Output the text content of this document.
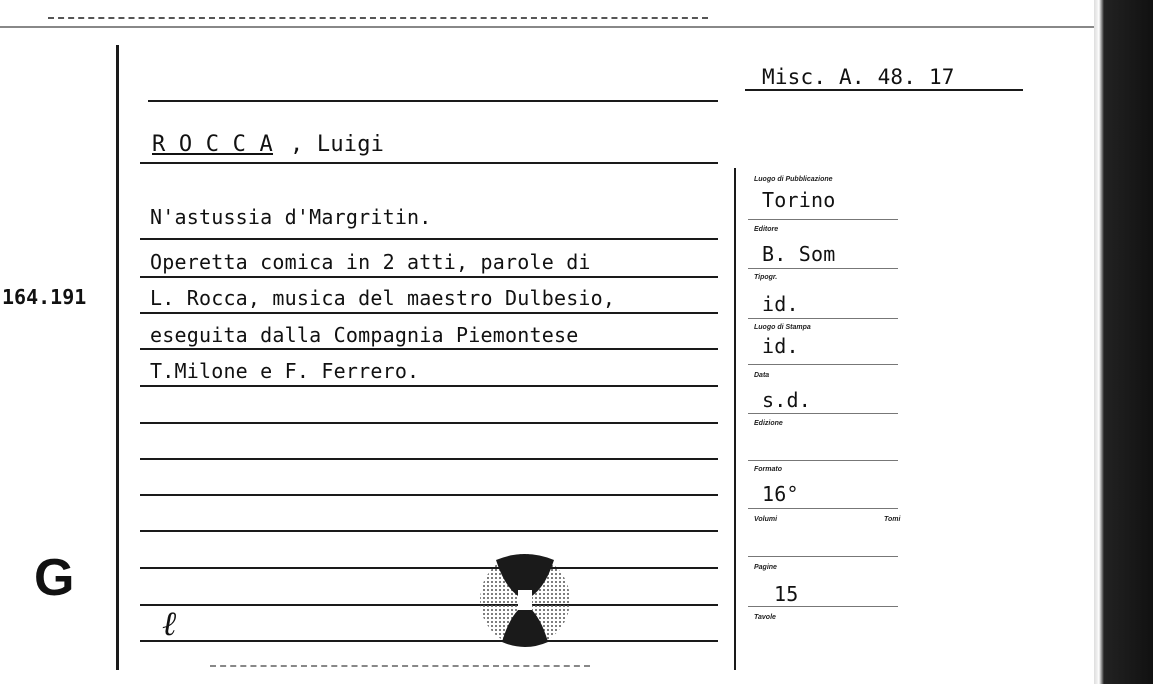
Misc. A. 48. 17
R O C C A , Luigi
N'astussia d'Margritin.
Operetta comica in 2 atti, parole di
L. Rocca, musica del maestro Dulbesio,
eseguita dalla Compagnia Piemontese
T.Milone e F. Ferrero.
164.191
G
ℓ
Luogo di Pubblicazione
Torino
Editore
B. Som
Tipogr.
id.
Luogo di Stampa
id.
Data
s.d.
Edizione
Formato
16°
Volumi	Tomi
Pagine
15
Tavole
